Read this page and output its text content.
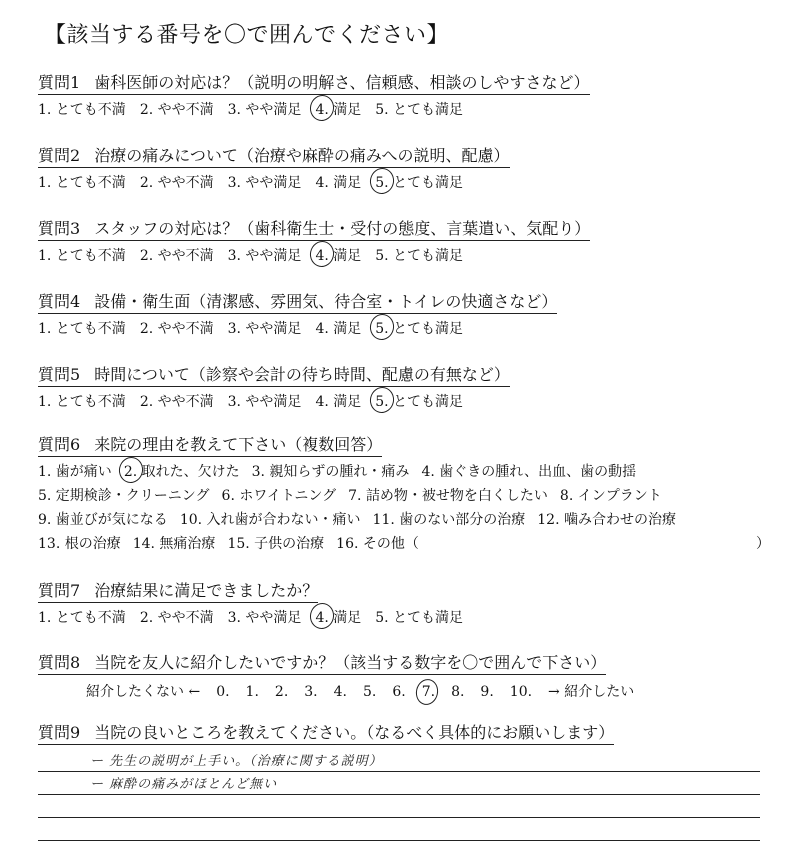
【該当する番号を〇で囲んでください】
質問1 歯科医師の対応は？（説明の明解さ、信頼感、相談のしやすさなど）
1. とても不満 2. やや不満 3. やや満足 4. 満足 5. とても満足
質問2 治療の痛みについて（治療や麻酔の痛みへの説明、配慮）
1. とても不満 2. やや不満 3. やや満足 4. 満足 5. とても満足
質問3 スタッフの対応は？（歯科衛生士・受付の態度、言葉遣い、気配り）
1. とても不満 2. やや不満 3. やや満足 4. 満足 5. とても満足
質問4 設備・衛生面（清潔感、雰囲気、待合室・トイレの快適さなど）
1. とても不満 2. やや不満 3. やや満足 4. 満足 5. とても満足
質問5 時間について（診察や会計の待ち時間、配慮の有無など）
1. とても不満 2. やや不満 3. やや満足 4. 満足 5. とても満足
質問6 来院の理由を教えて下さい（複数回答）
1. 歯が痛い 2. 取れた、欠けた 3. 親知らずの腫れ・痛み 4. 歯ぐきの腫れ、出血、歯の動揺
5. 定期検診・クリーニング 6. ホワイトニング 7. 詰め物・被せ物を白くしたい 8. インプラント
9. 歯並びが気になる 10. 入れ歯が合わない・痛い 11. 歯のない部分の治療 12. 噛み合わせの治療
13. 根の治療 14. 無痛治療 15. 子供の治療 16. その他（	）
質問7 治療結果に満足できましたか？
1. とても不満 2. やや不満 3. やや満足 4. 満足 5. とても満足
質問8 当院を友人に紹介したいですか？（該当する数字を〇で囲んで下さい）
紹介したくない ← 0. 1. 2. 3. 4. 5. 6. 7. 8. 9. 10. → 紹介したい
質問9 当院の良いところを教えてください。（なるべく具体的にお願いします）
ー 先生の説明が上手い。（治療に関する説明）
ー 麻酔の痛みがほとんど無い
